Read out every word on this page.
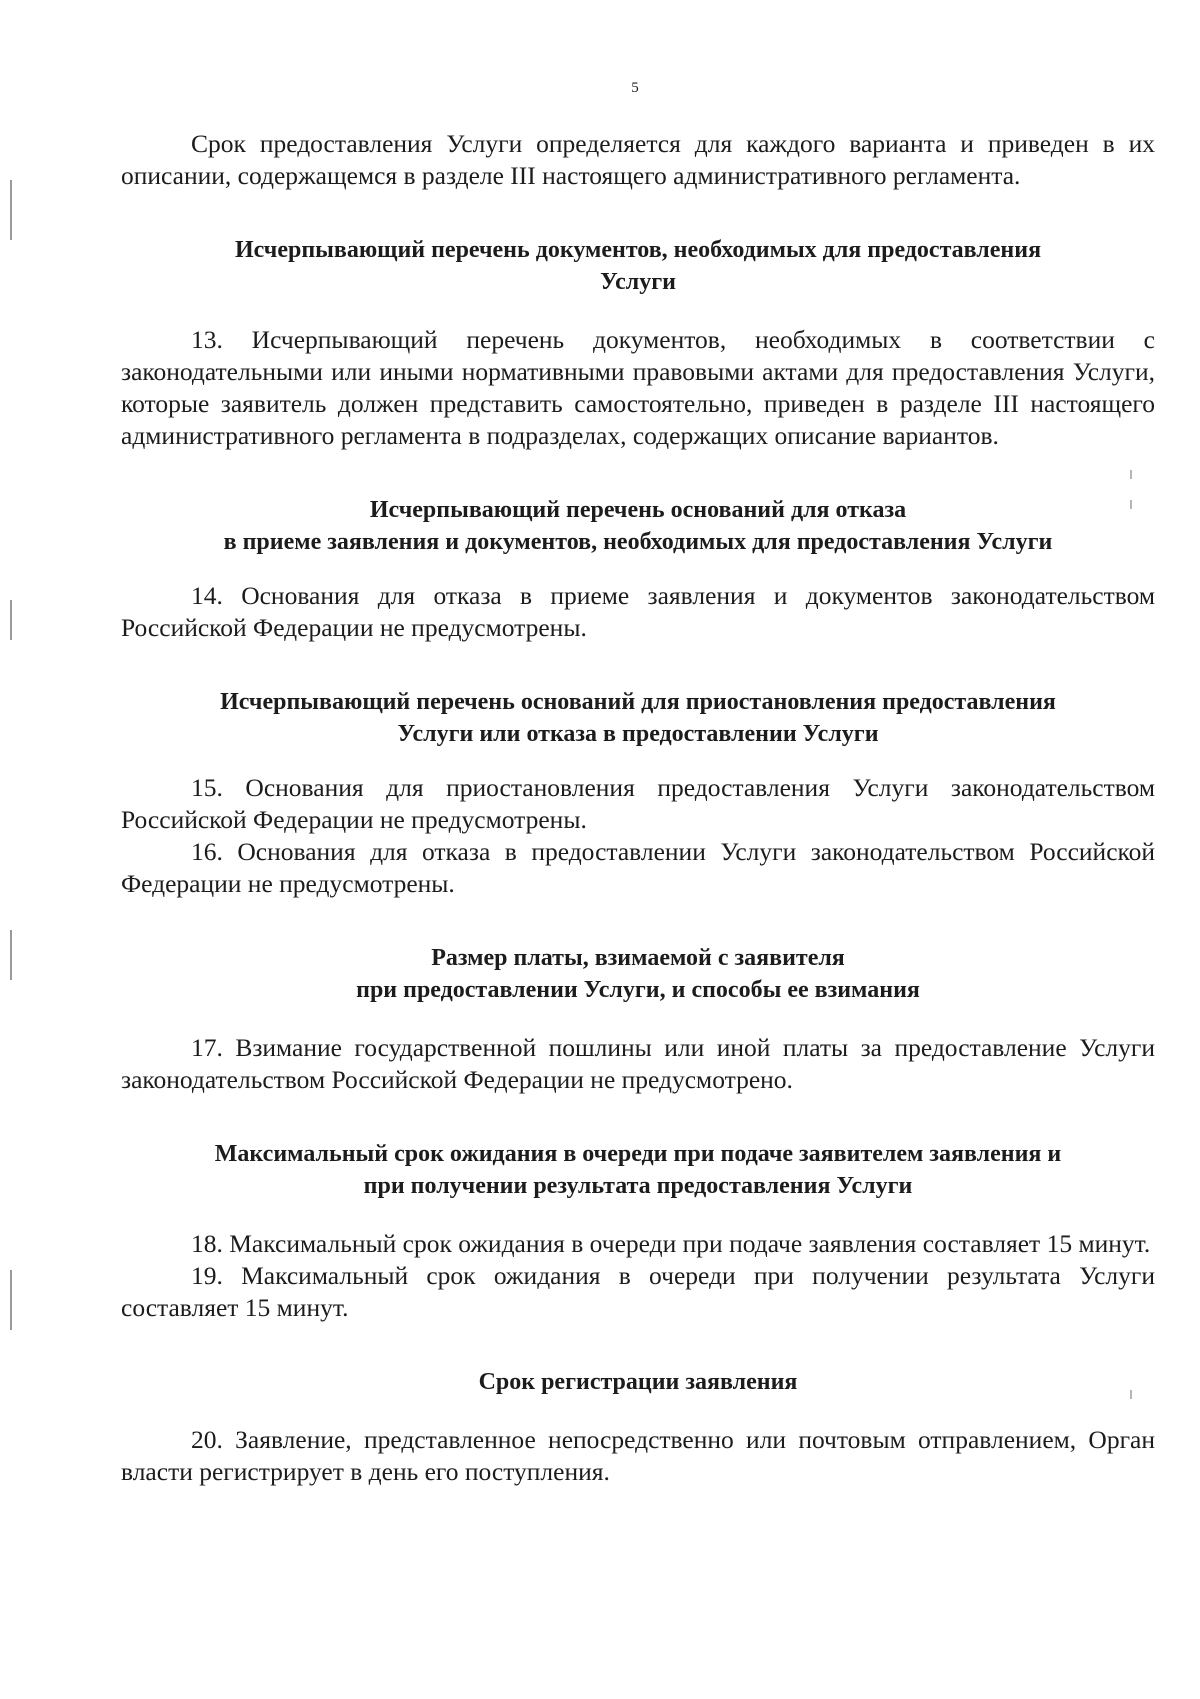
5

Срок предоставления Услуги определяется для каждого варианта и приведен в их описании, содержащемся в разделе III настоящего административного регламента.

Исчерпывающий перечень документов, необходимых для предоставления
Услуги

13. Исчерпывающий перечень документов, необходимых в соответствии с законодательными или иными нормативными правовыми актами для предоставления Услуги, которые заявитель должен представить самостоятельно, приведен в разделе III настоящего административного регламента в подразделах, содержащих описание вариантов.

Исчерпывающий перечень оснований для отказа
в приеме заявления и документов, необходимых для предоставления Услуги

14. Основания для отказа в приеме заявления и документов законодательством Российской Федерации не предусмотрены.

Исчерпывающий перечень оснований для приостановления предоставления
Услуги или отказа в предоставлении Услуги

15. Основания для приостановления предоставления Услуги законодательством Российской Федерации не предусмотрены.

16. Основания для отказа в предоставлении Услуги законодательством Российской Федерации не предусмотрены.

Размер платы, взимаемой с заявителя
при предоставлении Услуги, и способы ее взимания

17. Взимание государственной пошлины или иной платы за предоставление Услуги законодательством Российской Федерации не предусмотрено.

Максимальный срок ожидания в очереди при подаче заявителем заявления и
при получении результата предоставления Услуги

18. Максимальный срок ожидания в очереди при подаче заявления составляет 15 минут.

19. Максимальный срок ожидания в очереди при получении результата Услуги составляет 15 минут.

Срок регистрации заявления

20. Заявление, представленное непосредственно или почтовым отправлением, Орган власти регистрирует в день его поступления.
